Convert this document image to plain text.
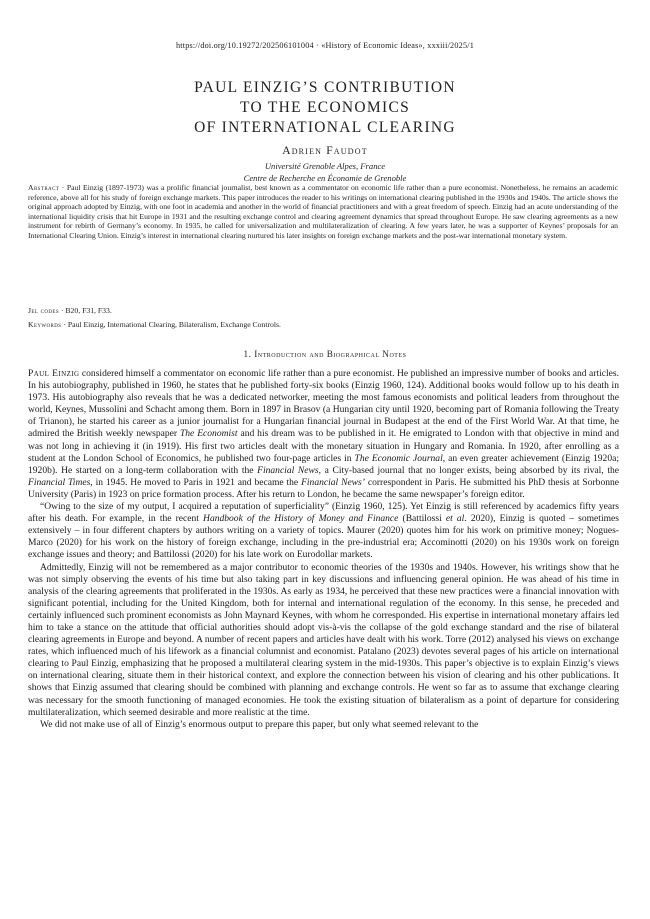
https://doi.org/10.19272/202506101004 · «History of Economic Ideas», xxxiii/2025/1
PAUL EINZIG’S CONTRIBUTION
TO THE ECONOMICS
OF INTERNATIONAL CLEARING
Adrien Faudot
Université Grenoble Alpes, France
Centre de Recherche en Économie de Grenoble
Abstract · Paul Einzig (1897-1973) was a prolific financial journalist, best known as a commentator on economic life rather than a pure economist. Nonetheless, he remains an academic reference, above all for his study of foreign exchange markets. This paper introduces the reader to his writings on international clearing published in the 1930s and 1940s. The article shows the original approach adopted by Einzig, with one foot in academia and another in the world of financial practitioners and with a great freedom of speech. Einzig had an acute understanding of the international liquidity crisis that hit Europe in 1931 and the resulting exchange control and clearing agreement dynamics that spread throughout Europe. He saw clearing agreements as a new instrument for rebirth of Germany’s economy. In 1935, he called for universalization and multilateralization of clearing. A few years later, he was a supporter of Keynes’ proposals for an International Clearing Union. Einzig’s interest in international clearing nurtured his later insights on foreign exchange markets and the post-war international monetary system.
Jel codes · B20, F31, F33.
Keywords · Paul Einzig, International Clearing, Bilateralism, Exchange Controls.
1. Introduction and Biographical Notes

Paul Einzig considered himself a commentator on economic life rather than a pure economist. He published an impressive number of books and articles. In his autobiography, published in 1960, he states that he published forty-six books (Einzig 1960, 124). Additional books would follow up to his death in 1973. His autobiography also reveals that he was a dedicated networker, meeting the most famous economists and political leaders from throughout the world, Keynes, Mussolini and Schacht among them. Born in 1897 in Brasov (a Hungarian city until 1920, becoming part of Romania following the Treaty of Trianon), he started his career as a junior journalist for a Hungarian financial journal in Budapest at the end of the First World War. At that time, he admired the British weekly newspaper The Economist and his dream was to be published in it. He emigrated to London with that objective in mind and was not long in achieving it (in 1919). His first two articles dealt with the monetary situation in Hungary and Romania. In 1920, after enrolling as a student at the London School of Economics, he published two four-page articles in The Economic Journal, an even greater achievement (Einzig 1920a; 1920b). He started on a long-term collaboration with the Financial News, a City-based journal that no longer exists, being absorbed by its rival, the Financial Times, in 1945. He moved to Paris in 1921 and became the Financial News’ correspondent in Paris. He submitted his PhD thesis at Sorbonne University (Paris) in 1923 on price formation process. After his return to London, he became the same newspaper’s foreign editor.

“Owing to the size of my output, I acquired a reputation of superficiality” (Einzig 1960, 125). Yet Einzig is still referenced by academics fifty years after his death. For example, in the recent Handbook of the History of Money and Finance (Battilossi et al. 2020), Einzig is quoted – sometimes extensively – in four different chapters by authors writing on a variety of topics. Maurer (2020) quotes him for his work on primitive money; Nogues-Marco (2020) for his work on the history of foreign exchange, including in the pre-industrial era; Accominotti (2020) on his 1930s work on foreign exchange issues and theory; and Battilossi (2020) for his late work on Eurodollar markets.

Admittedly, Einzig will not be remembered as a major contributor to economic theories of the 1930s and 1940s. However, his writings show that he was not simply observing the events of his time but also taking part in key discussions and influencing general opinion. He was ahead of his time in analysis of the clearing agreements that proliferated in the 1930s. As early as 1934, he perceived that these new practices were a financial innovation with significant potential, including for the United Kingdom, both for internal and international regulation of the economy. In this sense, he preceded and certainly influenced such prominent economists as John Maynard Keynes, with whom he corresponded. His expertise in international monetary affairs led him to take a stance on the attitude that official authorities should adopt vis-à-vis the collapse of the gold exchange standard and the rise of bilateral clearing agreements in Europe and beyond. A number of recent papers and articles have dealt with his work. Torre (2012) analysed his views on exchange rates, which influenced much of his lifework as a financial columnist and economist. Patalano (2023) devotes several pages of his article on international clearing to Paul Einzig, emphasizing that he proposed a multilateral clearing system in the mid-1930s. This paper’s objective is to explain Einzig’s views on international clearing, situate them in their historical context, and explore the connection between his vision of clearing and his other publications. It shows that Einzig assumed that clearing should be combined with planning and exchange controls. He went so far as to assume that exchange clearing was necessary for the smooth functioning of managed economies. He took the existing situation of bilateralism as a point of departure for considering multilateralization, which seemed desirable and more realistic at the time.

We did not make use of all of Einzig’s enormous output to prepare this paper, but only what seemed relevant to the
